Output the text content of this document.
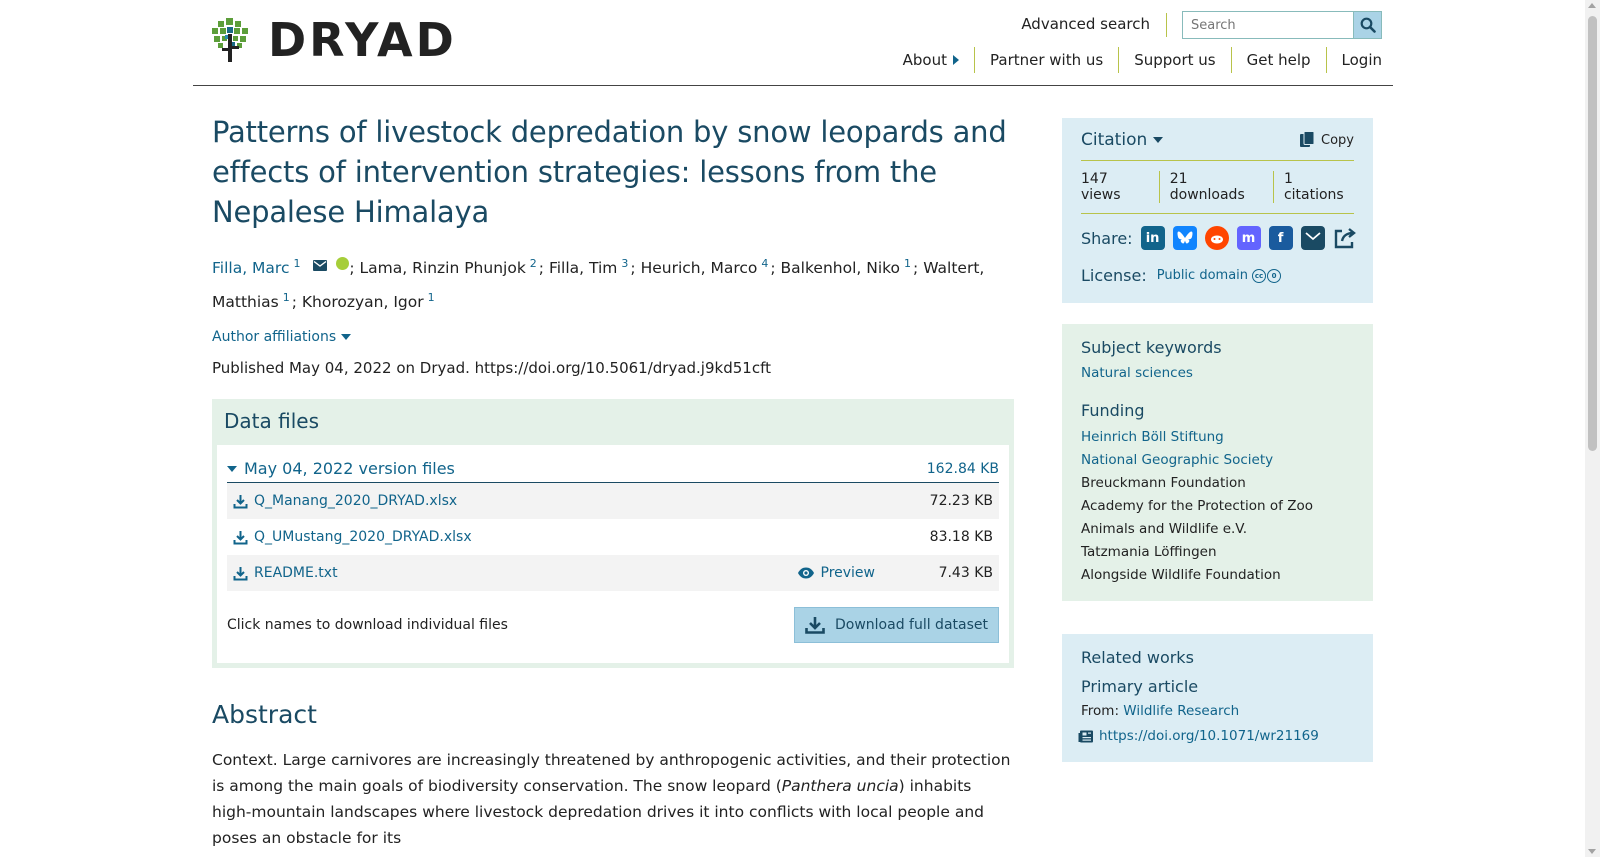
DRYAD	Advanced search
Search
About	Partner with us	Support us	Get help	Login
Patterns of livestock depredation by snow leopards and effects of intervention strategies: lessons from the Nepalese Himalaya
Filla, Marc $^1$	; Lama, Rinzin Phunjok $^2$ ; Filla, Tim $^3$ ; Heurich, Marco $^4$ ; Balkenhol, Niko $^1$ ; Waltert, Matthias $^1$ ; Khorozyan, Igor $^1$
Author affiliations
Published May 04, 2022 on Dryad. https://doi.org/10.5061/dryad.j9kd51cft
Data files
May 04, 2022 version files	162.84 KB
Q_Manang_2020_DRYAD.xlsx	72.23 KB
Q_UMustang_2020_DRYAD.xlsx	83.18 KB
README.txt	Preview	7.43 KB
Click names to download individual files	Download full dataset
Abstract

Context. Large carnivores are increasingly threatened by anthropogenic activities, and their protection is among the main goals of biodiversity conservation. The snow leopard (Panthera uncia) inhabits high-mountain landscapes where livestock depredation drives it into conflicts with local people and poses an obstacle for its

Citation	Copy
147 views
21 downloads
1 citations
Share:	in	m	f
License: Public domain cc	0
Subject keywords
Natural sciences
Funding
Heinrich Böll Stiftung
National Geographic Society
Breuckmann Foundation
Academy for the Protection of Zoo Animals and Wildlife e.V.
Tatzmania Löffingen
Alongside Wildlife Foundation
Related works
Primary article
From: Wildlife Research
https://doi.org/10.1071/wr21169
